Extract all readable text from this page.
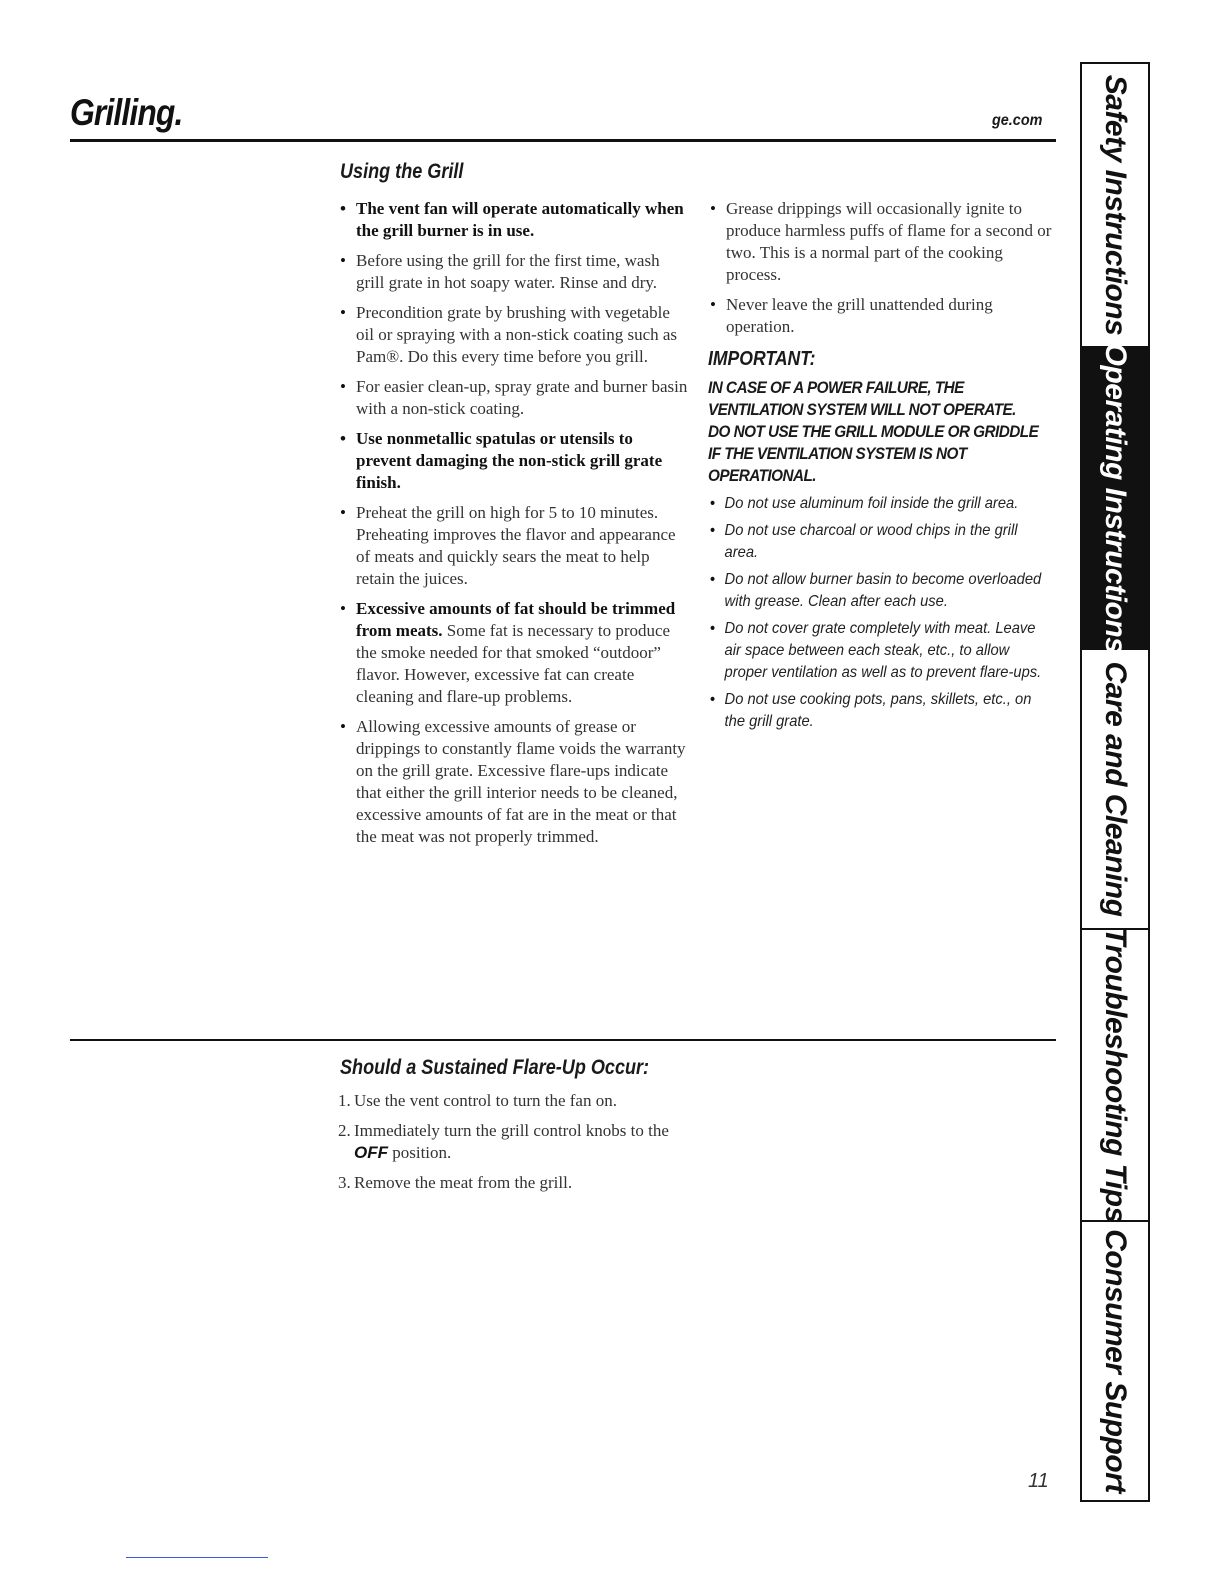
Grilling.	ge.com
Using the Grill
• The vent fan will operate automatically when the grill burner is in use.
• Before using the grill for the first time, wash grill grate in hot soapy water. Rinse and dry.
• Precondition grate by brushing with vegetable oil or spraying with a non-stick coating such as Pam®. Do this every time before you grill.
• For easier clean-up, spray grate and burner basin with a non-stick coating.
• Use nonmetallic spatulas or utensils to prevent damaging the non-stick grill grate finish.
• Preheat the grill on high for 5 to 10 minutes. Preheating improves the flavor and appearance of meats and quickly sears the meat to help retain the juices.
• Excessive amounts of fat should be trimmed from meats. Some fat is necessary to produce the smoke needed for that smoked “outdoor” flavor. However, excessive fat can create cleaning and flare-up problems.
• Allowing excessive amounts of grease or drippings to constantly flame voids the warranty on the grill grate. Excessive flare-ups indicate that either the grill interior needs to be cleaned, excessive amounts of fat are in the meat or that the meat was not properly trimmed.
• Grease drippings will occasionally ignite to produce harmless puffs of flame for a second or two. This is a normal part of the cooking process.
• Never leave the grill unattended during operation.
IMPORTANT:
IN CASE OF A POWER FAILURE, THE VENTILATION SYSTEM WILL NOT OPERATE. DO NOT USE THE GRILL MODULE OR GRIDDLE IF THE VENTILATION SYSTEM IS NOT OPERATIONAL.
• Do not use aluminum foil inside the grill area.
• Do not use charcoal or wood chips in the grill area.
• Do not allow burner basin to become overloaded with grease. Clean after each use.
• Do not cover grate completely with meat. Leave air space between each steak, etc., to allow proper ventilation as well as to prevent flare-ups.
• Do not use cooking pots, pans, skillets, etc., on the grill grate.
Should a Sustained Flare-Up Occur:
1. Use the vent control to turn the fan on.
2. Immediately turn the grill control knobs to the OFF position.
3. Remove the meat from the grill.
11
Safety Instructions
Operating Instructions
Care and Cleaning
Troubleshooting Tips
Consumer Support
